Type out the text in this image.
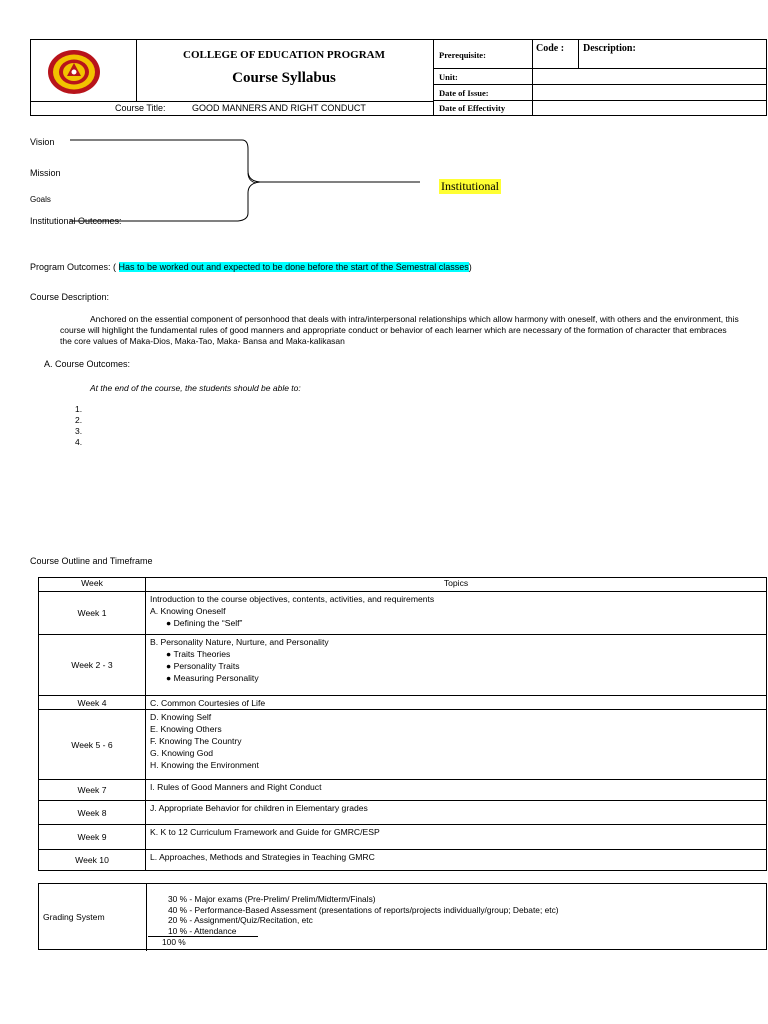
COLLEGE OF EDUCATION PROGRAM
Course Syllabus
Course Title:	GOOD MANNERS AND RIGHT CONDUCT
Prerequisite:
Unit:
Date of Issue:
Date of Effectivity
Code : Description:
Vision
Mission
Goals
Institutional Outcomes:
Institutional
Program Outcomes: ( Has to be worked out and expected to be done before the start of the Semestral classes)
Course Description:
Anchored on the essential component of personhood that deals with intra/interpersonal relationships which allow harmony with oneself, with others and the environment, this course will highlight the fundamental rules of good manners and appropriate conduct or behavior of each learner which are necessary of the formation of character that embraces the core values of Maka-Dios, Maka-Tao, Maka- Bansa and Maka-kalikasan
A. Course Outcomes:
At the end of the course, the students should be able to:
1.
2.
3.
4.
Course Outline and Timeframe
Week	Topics
Week 1	Introduction to the course objectives, contents, activities, and requirements
A. Knowing Oneself
● Defining the “Self”

Week 2 - 3	B. Personality Nature, Nurture, and Personality
● Traits Theories
● Personality Traits
● Measuring Personality

Week 4	C. Common Courtesies of Life

Week 5 - 6	D. Knowing Self
E. Knowing Others
F. Knowing The Country
G. Knowing God
H. Knowing the Environment

Week 7	I. Rules of Good Manners and Right Conduct

Week 8	J. Appropriate Behavior for children in Elementary grades

Week 9	K. K to 12 Curriculum Framework and Guide for GMRC/ESP

Week 10	L. Approaches, Methods and Strategies in Teaching GMRC
Grading System
30 % - Major exams (Pre-Prelim/ Prelim/Midterm/Finals)
40 % - Performance-Based Assessment (presentations of reports/projects individually/group; Debate; etc)
20 % - Assignment/Quiz/Recitation, etc
10 % - Attendance
100 %
